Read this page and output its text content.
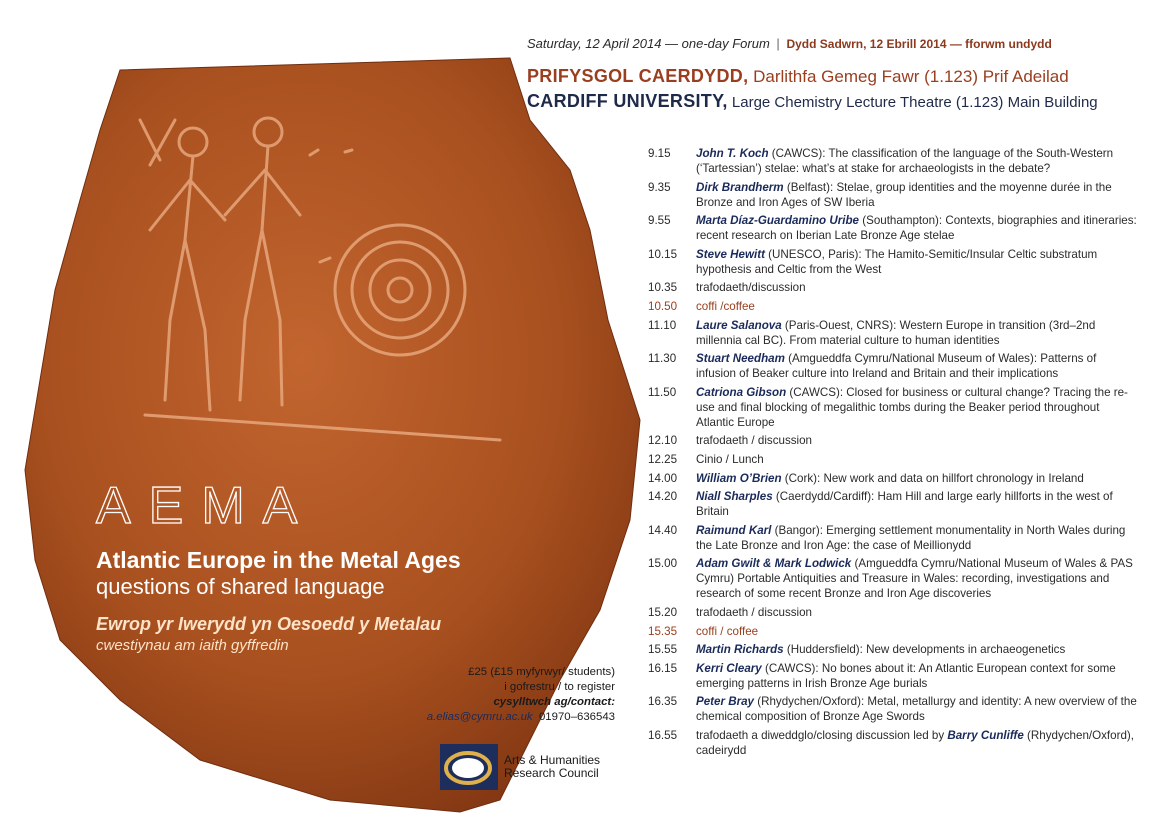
Saturday, 12 April 2014 — one-day Forum | Dydd Sadwrn, 12 Ebrill 2014 — fforwm undydd
PRIFYSGOL CAERDYDD, Darlithfa Gemeg Fawr (1.123) Prif Adeilad
CARDIFF UNIVERSITY, Large Chemistry Lecture Theatre (1.123) Main Building
9.15	John T. Koch (CAWCS): The classification of the language of the South-Western (‘Tartessian’) stelae: what’s at stake for archaeologists in the debate?
9.35	Dirk Brandherm (Belfast): Stelae, group identities and the moyenne durée in the Bronze and Iron Ages of SW Iberia
9.55	Marta Díaz-Guardamino Uribe (Southampton): Contexts, biographies and itineraries: recent research on Iberian Late Bronze Age stelae
10.15	Steve Hewitt (UNESCO, Paris): The Hamito-Semitic/Insular Celtic substratum hypothesis and Celtic from the West
10.35	trafodaeth/discussion
10.50	coffi /coffee
11.10	Laure Salanova (Paris-Ouest, CNRS): Western Europe in transition (3rd–2nd millennia cal BC). From material culture to human identities
11.30	Stuart Needham (Amgueddfa Cymru/National Museum of Wales): Patterns of infusion of Beaker culture into Ireland and Britain and their implications
11.50	Catriona Gibson (CAWCS): Closed for business or cultural change? Tracing the re-use and final blocking of megalithic tombs during the Beaker period throughout Atlantic Europe
12.10	trafodaeth / discussion
12.25	Cinio / Lunch
14.00	William O’Brien (Cork): New work and data on hillfort chronology in Ireland
14.20	Niall Sharples (Caerdydd/Cardiff): Ham Hill and large early hillforts in the west of Britain
14.40	Raimund Karl (Bangor): Emerging settlement monumentality in North Wales during the Late Bronze and Iron Age: the case of Meillionydd
15.00	Adam Gwilt & Mark Lodwick (Amgueddfa Cymru/National Museum of Wales & PAS Cymru) Portable Antiquities and Treasure in Wales: recording, investigations and research of some recent Bronze and Iron Age discoveries
15.20	trafodaeth / discussion
15.35	coffi / coffee
15.55	Martin Richards (Huddersfield): New developments in archaeogenetics
16.15	Kerri Cleary (CAWCS): No bones about it: An Atlantic European context for some emerging patterns in Irish Bronze Age burials
16.35	Peter Bray (Rhydychen/Oxford): Metal, metallurgy and identity: A new overview of the chemical composition of Bronze Age Swords
16.55	trafodaeth a diweddglo/closing discussion led by Barry Cunliffe (Rhydychen/Oxford), cadeirydd
AEMA
Atlantic Europe in the Metal Ages
questions of shared language
Ewrop yr Iwerydd yn Oesoedd y Metalau
cwestiynau am iaith gyffredin
£25 (£15 myfyrwyr/ students)
i gofrestru / to register
cysylltwch ag/contact:
a.elias@cymru.ac.uk 01970–636543
Arts & Humanities
Research Council
